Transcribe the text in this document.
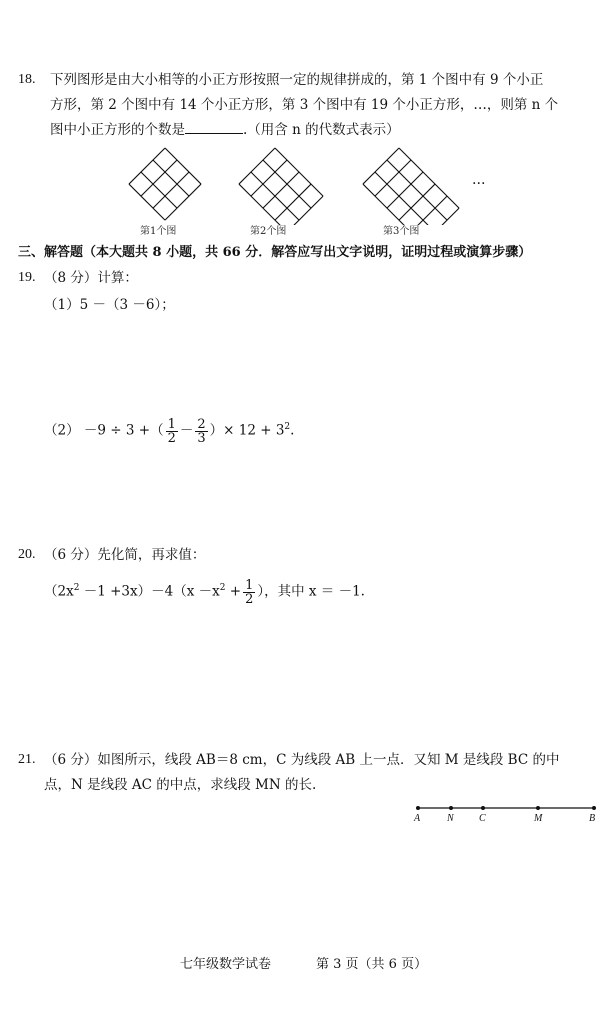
18. 下列图形是由大小相等的小正方形按照一定的规律拼成的，第 1 个图中有 9 个小正
方形，第 2 个图中有 14 个小正方形，第 3 个图中有 19 个小正方形，…，则第 n 个
图中小正方形的个数是	.（用含 n 的代数式表示）
第1个图	第2个图	第3个图
…
三、解答题（本大题共 8 小题，共 66 分．解答应写出文字说明，证明过程或演算步骤）
19. （8 分）计算：
（1）5 －（3 －6）；
（2） －9 ÷ 3 +（ $\frac{1}{2} - \frac{2}{3}$ ）× $12 + 3^2$.
20. （6 分）先化简，再求值：
$(2x^2 -1 +3x)-4(x -x^2 + \frac{1}{2}$ ），其中 x ＝ －1.
21. （6 分）如图所示，线段 AB＝8 cm，C 为线段 AB 上一点．又知 M 是线段 BC 的中
点，N 是线段 AC 的中点，求线段 MN 的长.
A	N	C	M	B
七年级数学试卷	第 3 页（共 6 页）
